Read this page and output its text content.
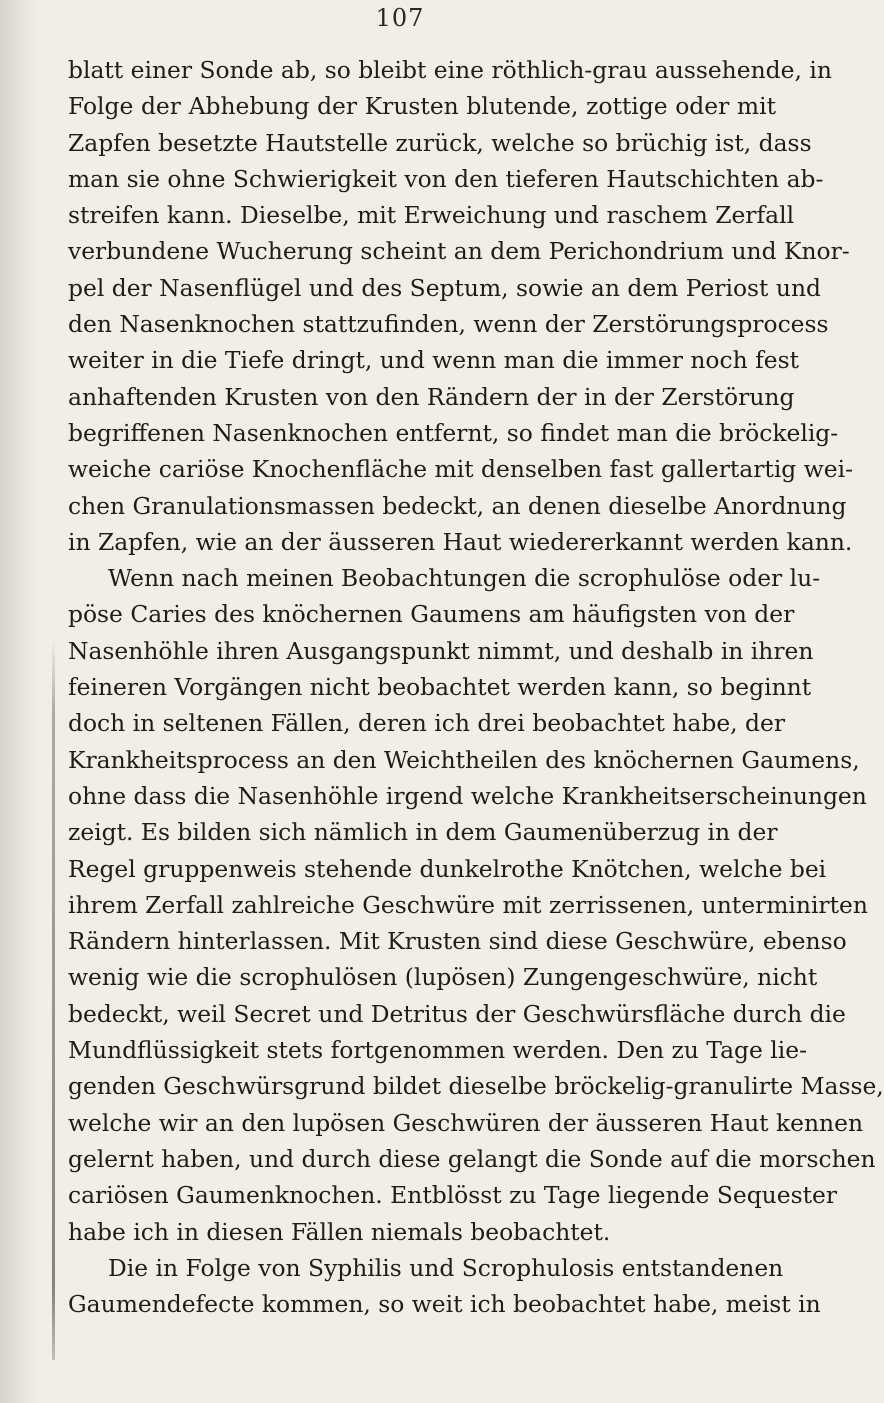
107
blatt einer Sonde ab, so bleibt eine röthlich-grau aussehende, in
Folge der Abhebung der Krusten blutende, zottige oder mit
Zapfen besetzte Hautstelle zurück, welche so brüchig ist, dass
man sie ohne Schwierigkeit von den tieferen Hautschichten ab-
streifen kann. Dieselbe, mit Erweichung und raschem Zerfall
verbundene Wucherung scheint an dem Perichondrium und Knor-
pel der Nasenflügel und des Septum, sowie an dem Periost und
den Nasenknochen stattzufinden, wenn der Zerstörungsprocess
weiter in die Tiefe dringt, und wenn man die immer noch fest
anhaftenden Krusten von den Rändern der in der Zerstörung
begriffenen Nasenknochen entfernt, so findet man die bröckelig-
weiche cariöse Knochenfläche mit denselben fast gallertartig wei-
chen Granulationsmassen bedeckt, an denen dieselbe Anordnung
in Zapfen, wie an der äusseren Haut wiedererkannt werden kann.
Wenn nach meinen Beobachtungen die scrophulöse oder lu-
pöse Caries des knöchernen Gaumens am häufigsten von der
Nasenhöhle ihren Ausgangspunkt nimmt, und deshalb in ihren
feineren Vorgängen nicht beobachtet werden kann, so beginnt
doch in seltenen Fällen, deren ich drei beobachtet habe, der
Krankheitsprocess an den Weichtheilen des knöchernen Gaumens,
ohne dass die Nasenhöhle irgend welche Krankheitserscheinungen
zeigt. Es bilden sich nämlich in dem Gaumenüberzug in der
Regel gruppenweis stehende dunkelrothe Knötchen, welche bei
ihrem Zerfall zahlreiche Geschwüre mit zerrissenen, unterminirten
Rändern hinterlassen. Mit Krusten sind diese Geschwüre, ebenso
wenig wie die scrophulösen (lupösen) Zungengeschwüre, nicht
bedeckt, weil Secret und Detritus der Geschwürsfläche durch die
Mundflüssigkeit stets fortgenommen werden. Den zu Tage lie-
genden Geschwürsgrund bildet dieselbe bröckelig-granulirte Masse,
welche wir an den lupösen Geschwüren der äusseren Haut kennen
gelernt haben, und durch diese gelangt die Sonde auf die morschen
cariösen Gaumenknochen. Entblösst zu Tage liegende Sequester
habe ich in diesen Fällen niemals beobachtet.
Die in Folge von Syphilis und Scrophulosis entstandenen
Gaumendefecte kommen, so weit ich beobachtet habe, meist in
